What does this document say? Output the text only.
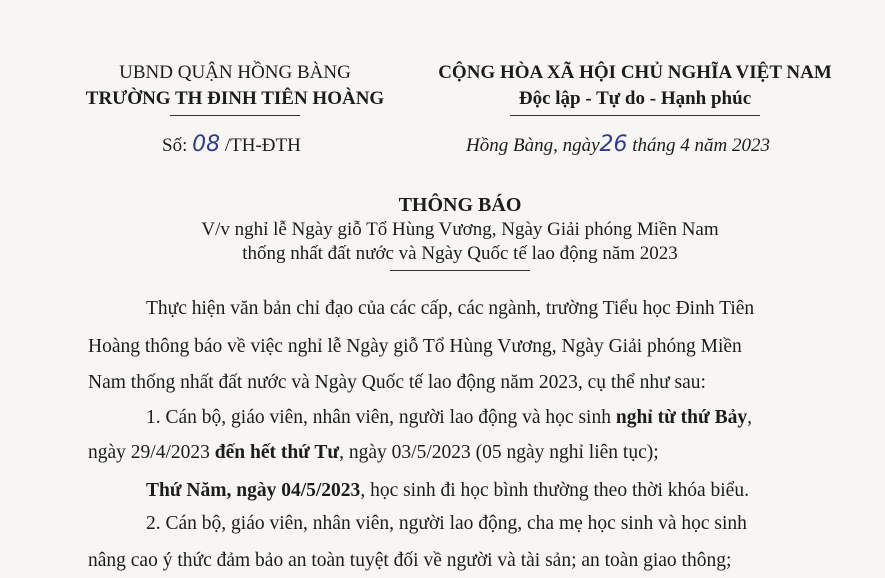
UBND QUẬN HỒNG BÀNG
TRƯỜNG TH ĐINH TIÊN HOÀNG
CỘNG HÒA XÃ HỘI CHỦ NGHĨA VIỆT NAM
Độc lập - Tự do - Hạnh phúc
Số: 08 /TH-ĐTH	Hồng Bàng, ngày26 tháng 4 năm 2023
THÔNG BÁO
V/v nghỉ lễ Ngày giỗ Tổ Hùng Vương, Ngày Giải phóng Miền Nam
thống nhất đất nước và Ngày Quốc tế lao động năm 2023

Thực hiện văn bản chỉ đạo của các cấp, các ngành, trường Tiểu học Đinh Tiên

Hoàng thông báo về việc nghỉ lễ Ngày giỗ Tổ Hùng Vương, Ngày Giải phóng Miền

Nam thống nhất đất nước và Ngày Quốc tế lao động năm 2023, cụ thể như sau:

1. Cán bộ, giáo viên, nhân viên, người lao động và học sinh nghỉ từ thứ Bảy,

ngày 29/4/2023 đến hết thứ Tư, ngày 03/5/2023 (05 ngày nghỉ liên tục);

Thứ Năm, ngày 04/5/2023, học sinh đi học bình thường theo thời khóa biểu.

2. Cán bộ, giáo viên, nhân viên, người lao động, cha mẹ học sinh và học sinh

nâng cao ý thức đảm bảo an toàn tuyệt đối về người và tài sản; an toàn giao thông;
